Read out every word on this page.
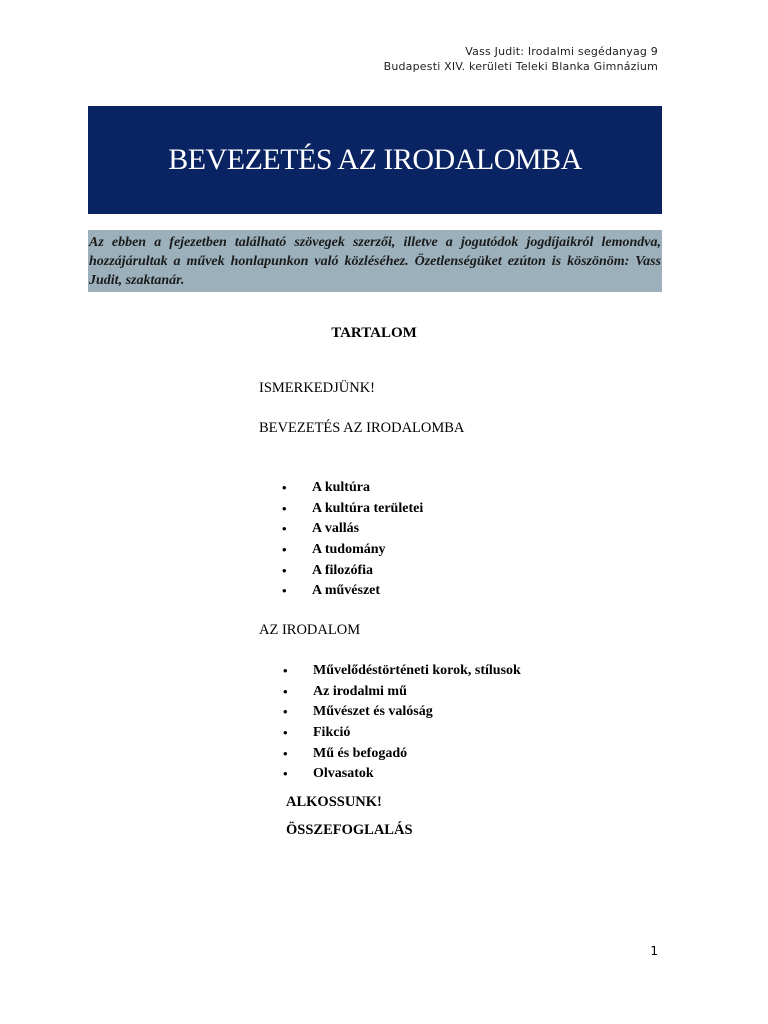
Vass Judit: Irodalmi segédanyag 9
Budapesti XIV. kerületi Teleki Blanka Gimnázium
BEVEZETÉS AZ IRODALOMBA
Az ebben a fejezetben található szövegek szerzői, illetve a jogutódok jogdíjaikról lemondva, hozzájárultak a művek honlapunkon való közléséhez. Özetlenségüket ezúton is köszönöm: Vass Judit, szaktanár.
TARTALOM
ISMERKEDJÜNK!
BEVEZETÉS AZ IRODALOMBA
• A kultúra
• A kultúra területei
• A vallás
• A tudomány
• A filozófia
• A művészet
AZ IRODALOM
• Művelődéstörténeti korok, stílusok
• Az irodalmi mű
• Művészet és valóság
• Fikció
• Mű és befogadó
• Olvasatok
ALKOSSUNK!
ÖSSZEFOGLALÁS
1
